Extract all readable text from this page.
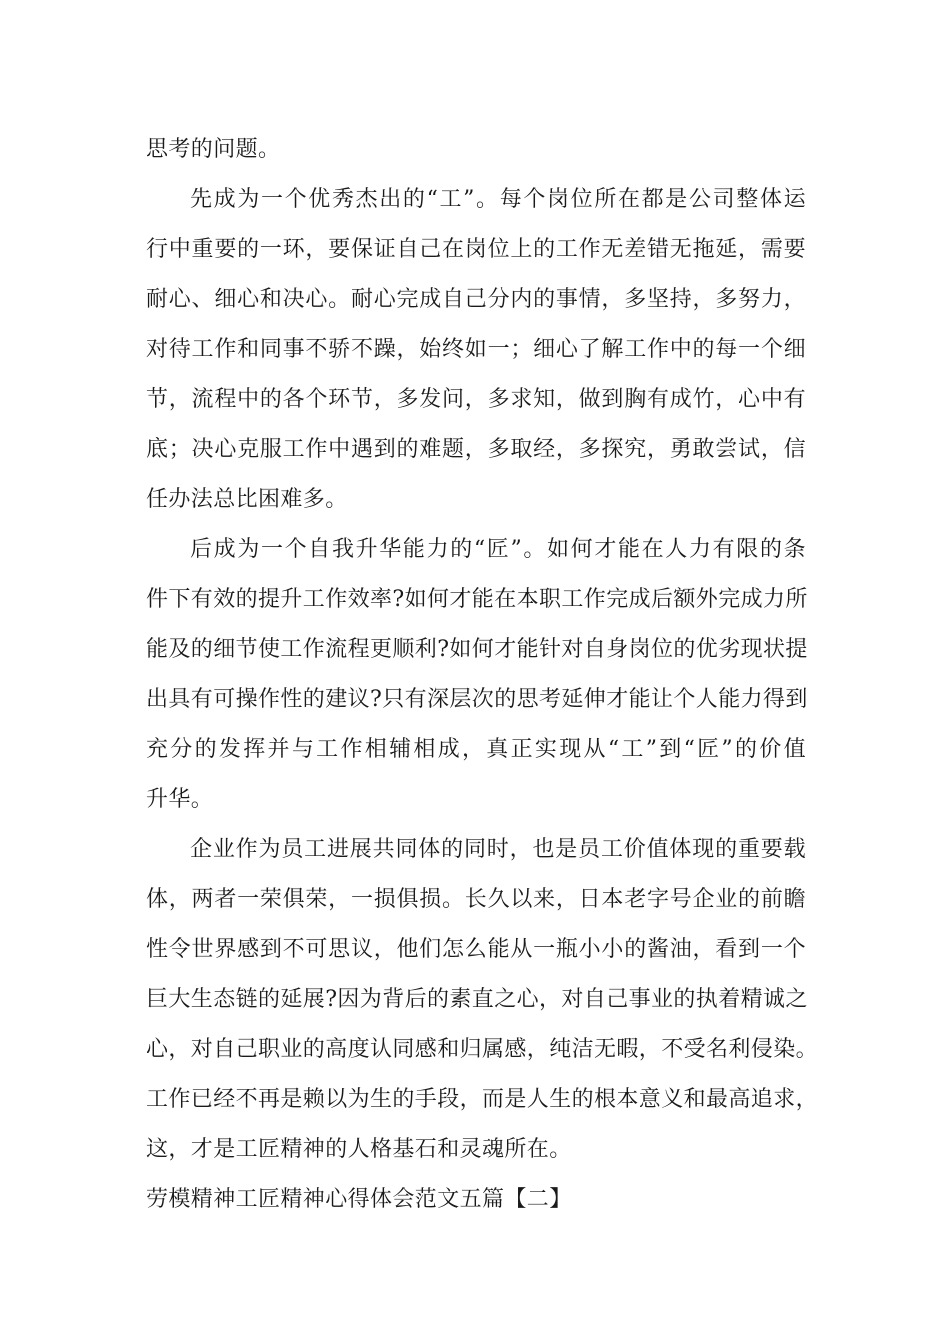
思考的问题。
先成为一个优秀杰出的“工”。每个岗位所在都是公司整体运
行中重要的一环，要保证自己在岗位上的工作无差错无拖延，需要
耐心、细心和决心。耐心完成自己分内的事情，多坚持，多努力，
对待工作和同事不骄不躁，始终如一；细心了解工作中的每一个细
节，流程中的各个环节，多发问，多求知，做到胸有成竹，心中有
底；决心克服工作中遇到的难题，多取经，多探究，勇敢尝试，信
任办法总比困难多。
后成为一个自我升华能力的“匠”。如何才能在人力有限的条
件下有效的提升工作效率?如何才能在本职工作完成后额外完成力所
能及的细节使工作流程更顺利?如何才能针对自身岗位的优劣现状提
出具有可操作性的建议?只有深层次的思考延伸才能让个人能力得到
充分的发挥并与工作相辅相成，真正实现从“工”到“匠”的价值
升华。
企业作为员工进展共同体的同时，也是员工价值体现的重要载
体，两者一荣俱荣，一损俱损。长久以来，日本老字号企业的前瞻
性令世界感到不可思议，他们怎么能从一瓶小小的酱油，看到一个
巨大生态链的延展?因为背后的素直之心，对自己事业的执着精诚之
心，对自己职业的高度认同感和归属感，纯洁无暇，不受名利侵染。
工作已经不再是赖以为生的手段，而是人生的根本意义和最高追求，
这，才是工匠精神的人格基石和灵魂所在。
劳模精神工匠精神心得体会范文五篇【二】
